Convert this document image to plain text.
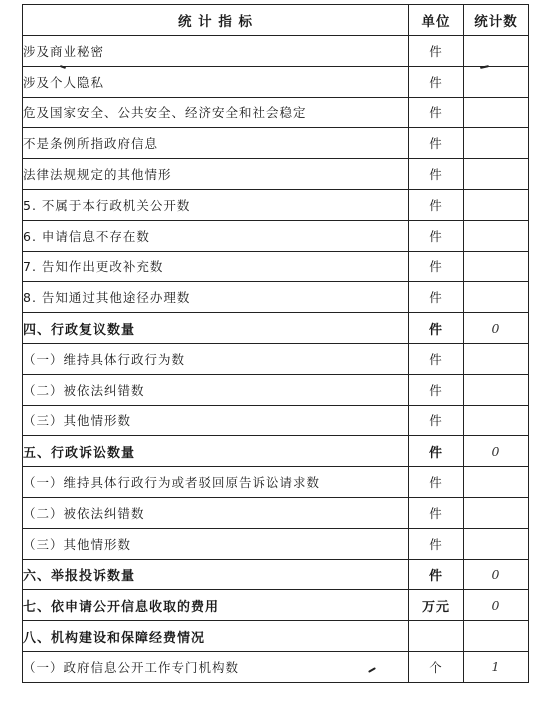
统 计 指 标	单位	统计数
涉及商业秘密	件	
涉及个人隐私	件	
危及国家安全、公共安全、经济安全和社会稳定	件	
不是条例所指政府信息	件	
法律法规规定的其他情形	件	
5. 不属于本行政机关公开数	件	
6. 申请信息不存在数	件	
7. 告知作出更改补充数	件	
8. 告知通过其他途径办理数	件	
四、行政复议数量	件	0
（一）维持具体行政行为数	件	
（二）被依法纠错数	件	
（三）其他情形数	件	
五、行政诉讼数量	件	0
（一）维持具体行政行为或者驳回原告诉讼请求数	件	
（二）被依法纠错数	件	
（三）其他情形数	件	
六、举报投诉数量	件	0
七、依申请公开信息收取的费用	万元	0
八、机构建设和保障经费情况		
（一）政府信息公开工作专门机构数	个	1
